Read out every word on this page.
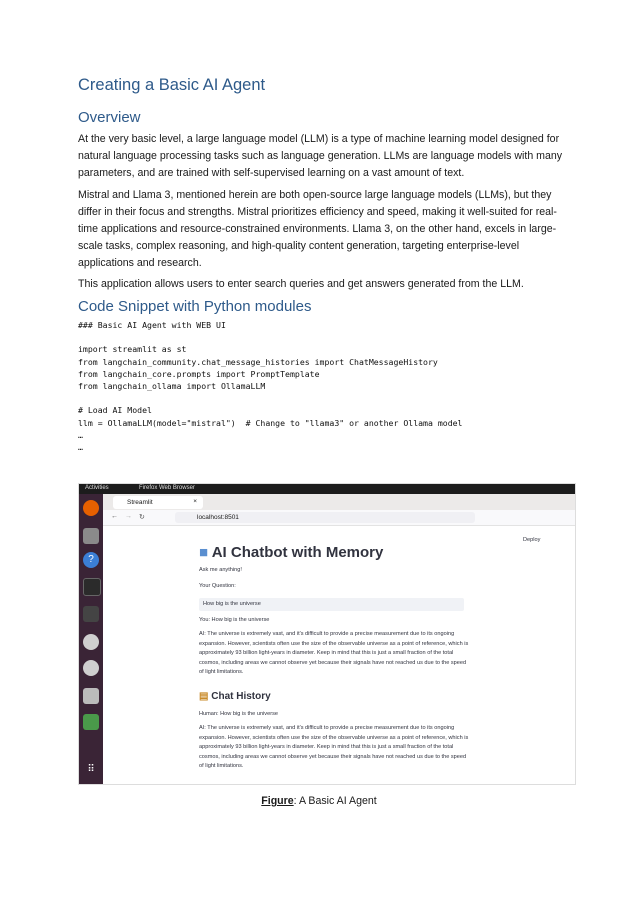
Creating a Basic AI Agent
Overview

At the very basic level, a large language model (LLM) is a type of machine learning model designed for natural language processing tasks such as language generation. LLMs are language models with many parameters, and are trained with self-supervised learning on a vast amount of text.

Mistral and Llama 3, mentioned herein are both open-source large language models (LLMs), but they differ in their focus and strengths. Mistral prioritizes efficiency and speed, making it well-suited for real-time applications and resource-constrained environments. Llama 3, on the other hand, excels in large-scale tasks, complex reasoning, and high-quality content generation, targeting enterprise-level applications and research.

This application allows users to enter search queries and get answers generated from the LLM.

Code Snippet with Python modules
### Basic AI Agent with WEB UI

import streamlit as st
from langchain_community.chat_message_histories import ChatMessageHistory
from langchain_core.prompts import PromptTemplate
from langchain_ollama import OllamaLLM

# Load AI Model
llm = OllamaLLM(model="mistral")  # Change to "llama3" or another Ollama model
…
…
Activities	Firefox Web Browser
?
⠿
Streamlit	×
← → ↻	localhost:8501
Deploy
■ AI Chatbot with Memory
Ask me anything!
Your Question:
How big is the universe
You: How big is the universe
AI: The universe is extremely vast, and it's difficult to provide a precise measurement due to its ongoing expansion. However, scientists often use the size of the observable universe as a point of reference, which is approximately 93 billion light-years in diameter. Keep in mind that this is just a small fraction of the total cosmos, including areas we cannot observe yet because their signals have not reached us due to the speed of light limitations.
▤ Chat History
Human: How big is the universe
AI: The universe is extremely vast, and it's difficult to provide a precise measurement due to its ongoing expansion. However, scientists often use the size of the observable universe as a point of reference, which is approximately 93 billion light-years in diameter. Keep in mind that this is just a small fraction of the total cosmos, including areas we cannot observe yet because their signals have not reached us due to the speed of light limitations.
Figure: A Basic AI Agent
